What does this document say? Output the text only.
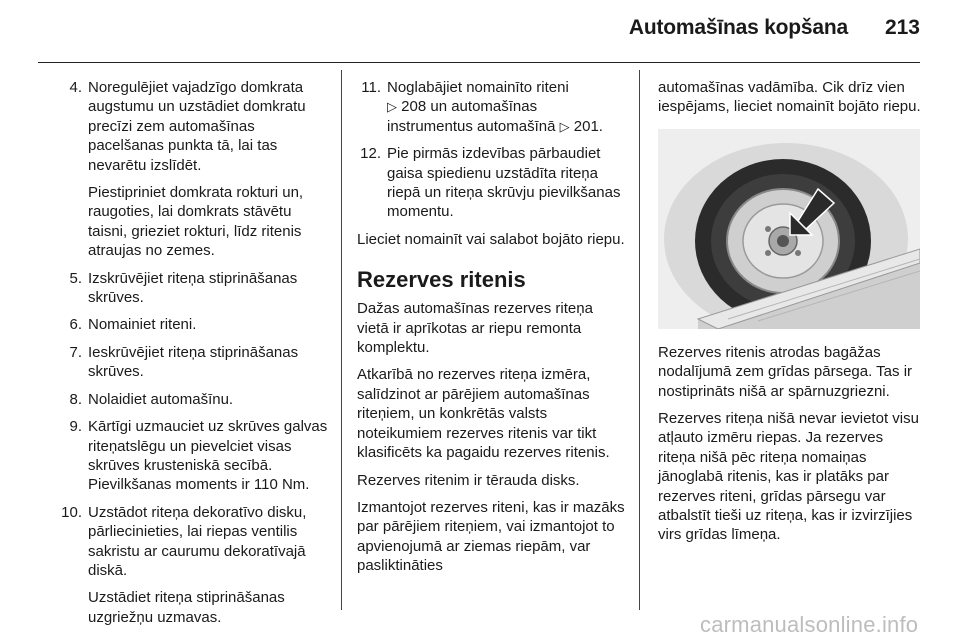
Automašīnas kopšana 213
4. Noregulējiet vajadzīgo domkrata augstumu un uzstādiet domkratu precīzi zem automašīnas pacelšanas punkta tā, lai tas nevarētu izslīdēt.
Piestipriniet domkrata rokturi un, raugoties, lai domkrats stāvētu taisni, grieziet rokturi, līdz ritenis atraujas no zemes.
5. Izskrūvējiet riteņa stiprināšanas skrūves.
6. Nomainiet riteni.
7. Ieskrūvējiet riteņa stiprināšanas skrūves.
8. Nolaidiet automašīnu.
9. Kārtīgi uzmauciet uz skrūves galvas riteņatslēgu un pievelciet visas skrūves krusteniskā secībā. Pievilkšanas moments ir 110 Nm.
10. Uzstādot riteņa dekoratīvo disku, pārliecinieties, lai riepas ventilis sakristu ar caurumu dekoratīvajā diskā.
Uzstādiet riteņa stiprināšanas uzgriežņu uzmavas.
11. Noglabājiet nomainīto riteni
▷ 208 un automašīnas instrumentus automašīnā ▷ 201.
12. Pie pirmās izdevības pārbaudiet gaisa spiedienu uzstādīta riteņa riepā un riteņa skrūvju pievilkšanas momentu.

Lieciet nomainīt vai salabot bojāto riepu.

Rezerves ritenis

Dažas automašīnas rezerves riteņa vietā ir aprīkotas ar riepu remonta komplektu.

Atkarībā no rezerves riteņa izmēra, salīdzinot ar pārējiem automašīnas riteņiem, un konkrētās valsts noteikumiem rezerves ritenis var tikt klasificēts ka pagaidu rezerves ritenis.

Rezerves ritenim ir tērauda disks.

Izmantojot rezerves riteni, kas ir mazāks par pārējiem riteņiem, vai izmantojot to apvienojumā ar ziemas riepām, var pasliktināties

automašīnas vadāmība. Cik drīz vien iespējams, lieciet nomainīt bojāto riepu.

Rezerves ritenis atrodas bagāžas nodalījumā zem grīdas pārsega. Tas ir nostiprināts nišā ar spārnuzgriezni.

Rezerves riteņa nišā nevar ievietot visu atļauto izmēru riepas. Ja rezerves riteņa nišā pēc riteņa nomaiņas jānoglabā ritenis, kas ir platāks par rezerves riteni, grīdas pārsegu var atbalstīt tieši uz riteņa, kas ir izvirzījies virs grīdas līmeņa.

carmanualsonline.info
